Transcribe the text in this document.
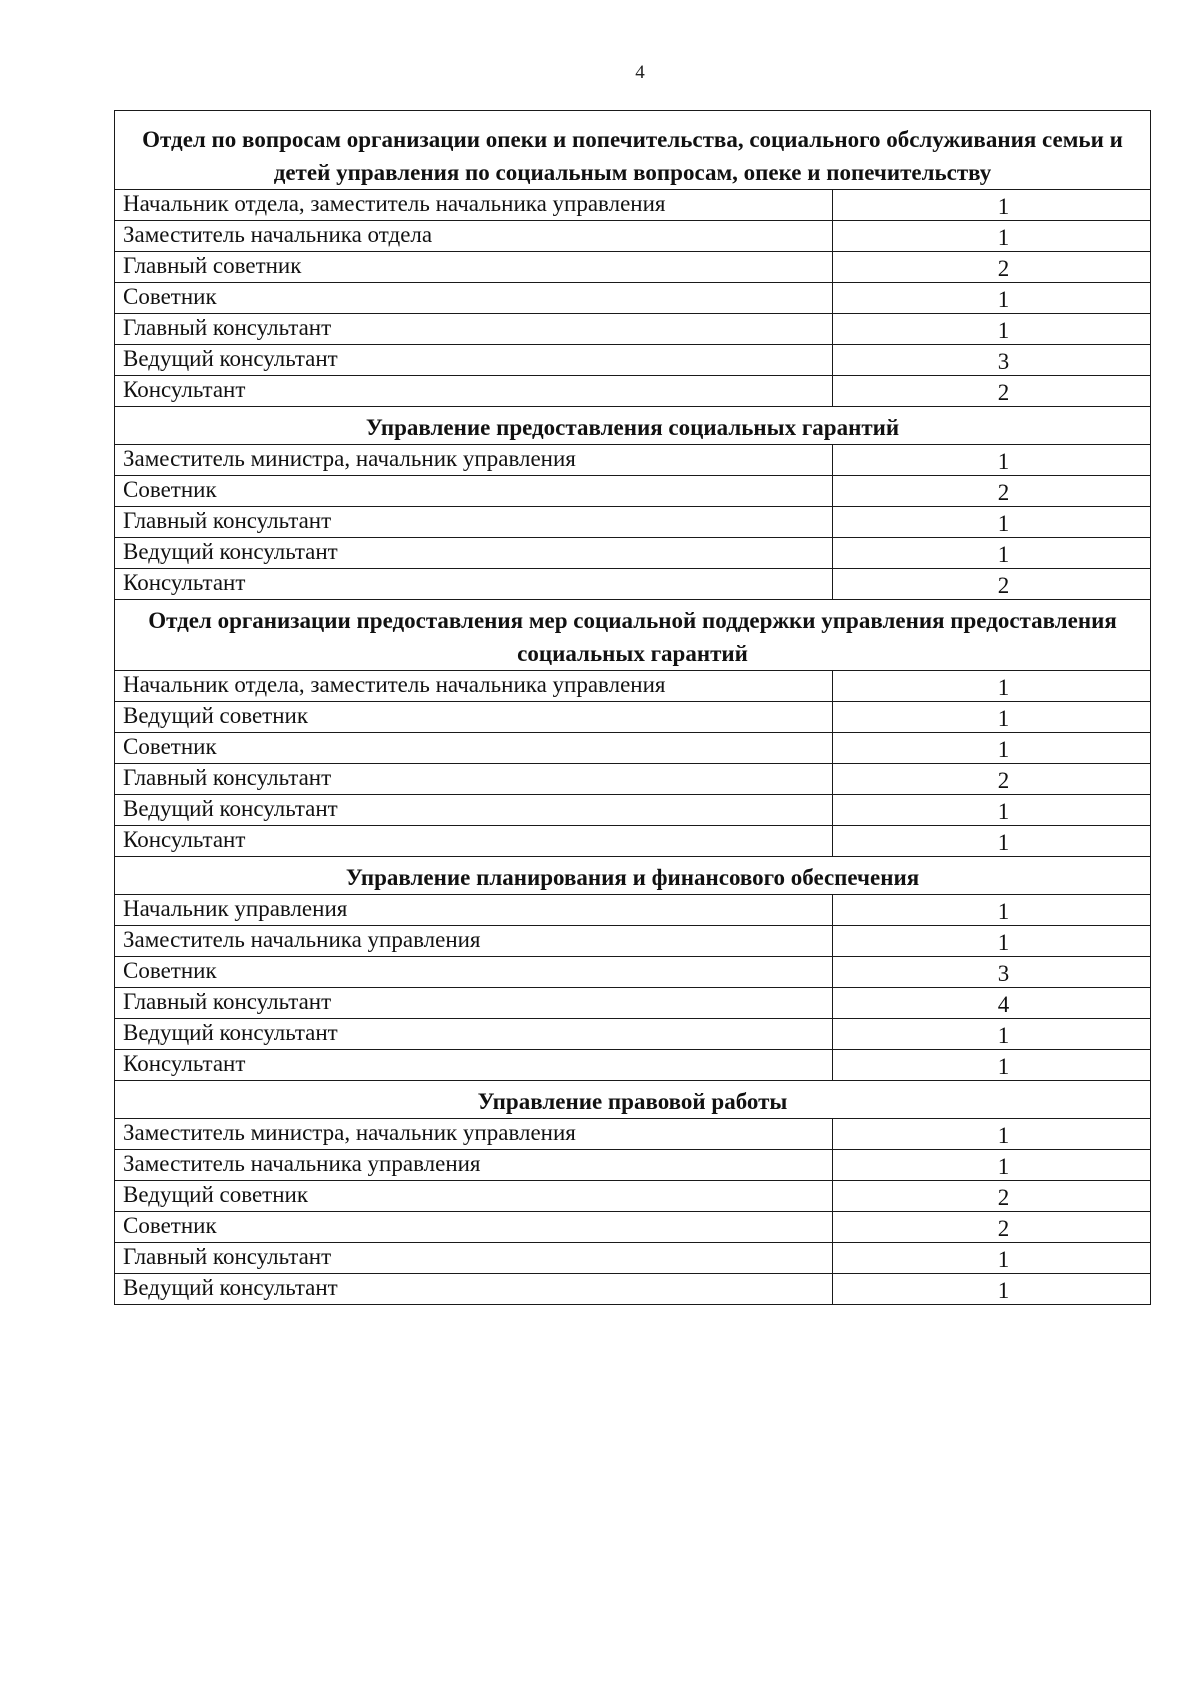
4
Отдел по вопросам организации опеки и попечительства, социального обслуживания семьи и детей управления по социальным вопросам, опеке и попечительству	
Начальник отдела, заместитель начальника управления	1
Заместитель начальника отдела	1
Главный советник	2
Советник	1
Главный консультант	1
Ведущий консультант	3
Консультант	2
Управление предоставления социальных гарантий	
Заместитель министра, начальник управления	1
Советник	2
Главный консультант	1
Ведущий консультант	1
Консультант	2
Отдел организации предоставления мер социальной поддержки управления предоставления социальных гарантий	
Начальник отдела, заместитель начальника управления	1
Ведущий советник	1
Советник	1
Главный консультант	2
Ведущий консультант	1
Консультант	1
Управление планирования и финансового обеспечения	
Начальник управления	1
Заместитель начальника управления	1
Советник	3
Главный консультант	4
Ведущий консультант	1
Консультант	1
Управление правовой работы	
Заместитель министра, начальник управления	1
Заместитель начальника управления	1
Ведущий советник	2
Советник	2
Главный консультант	1
Ведущий консультант	1
